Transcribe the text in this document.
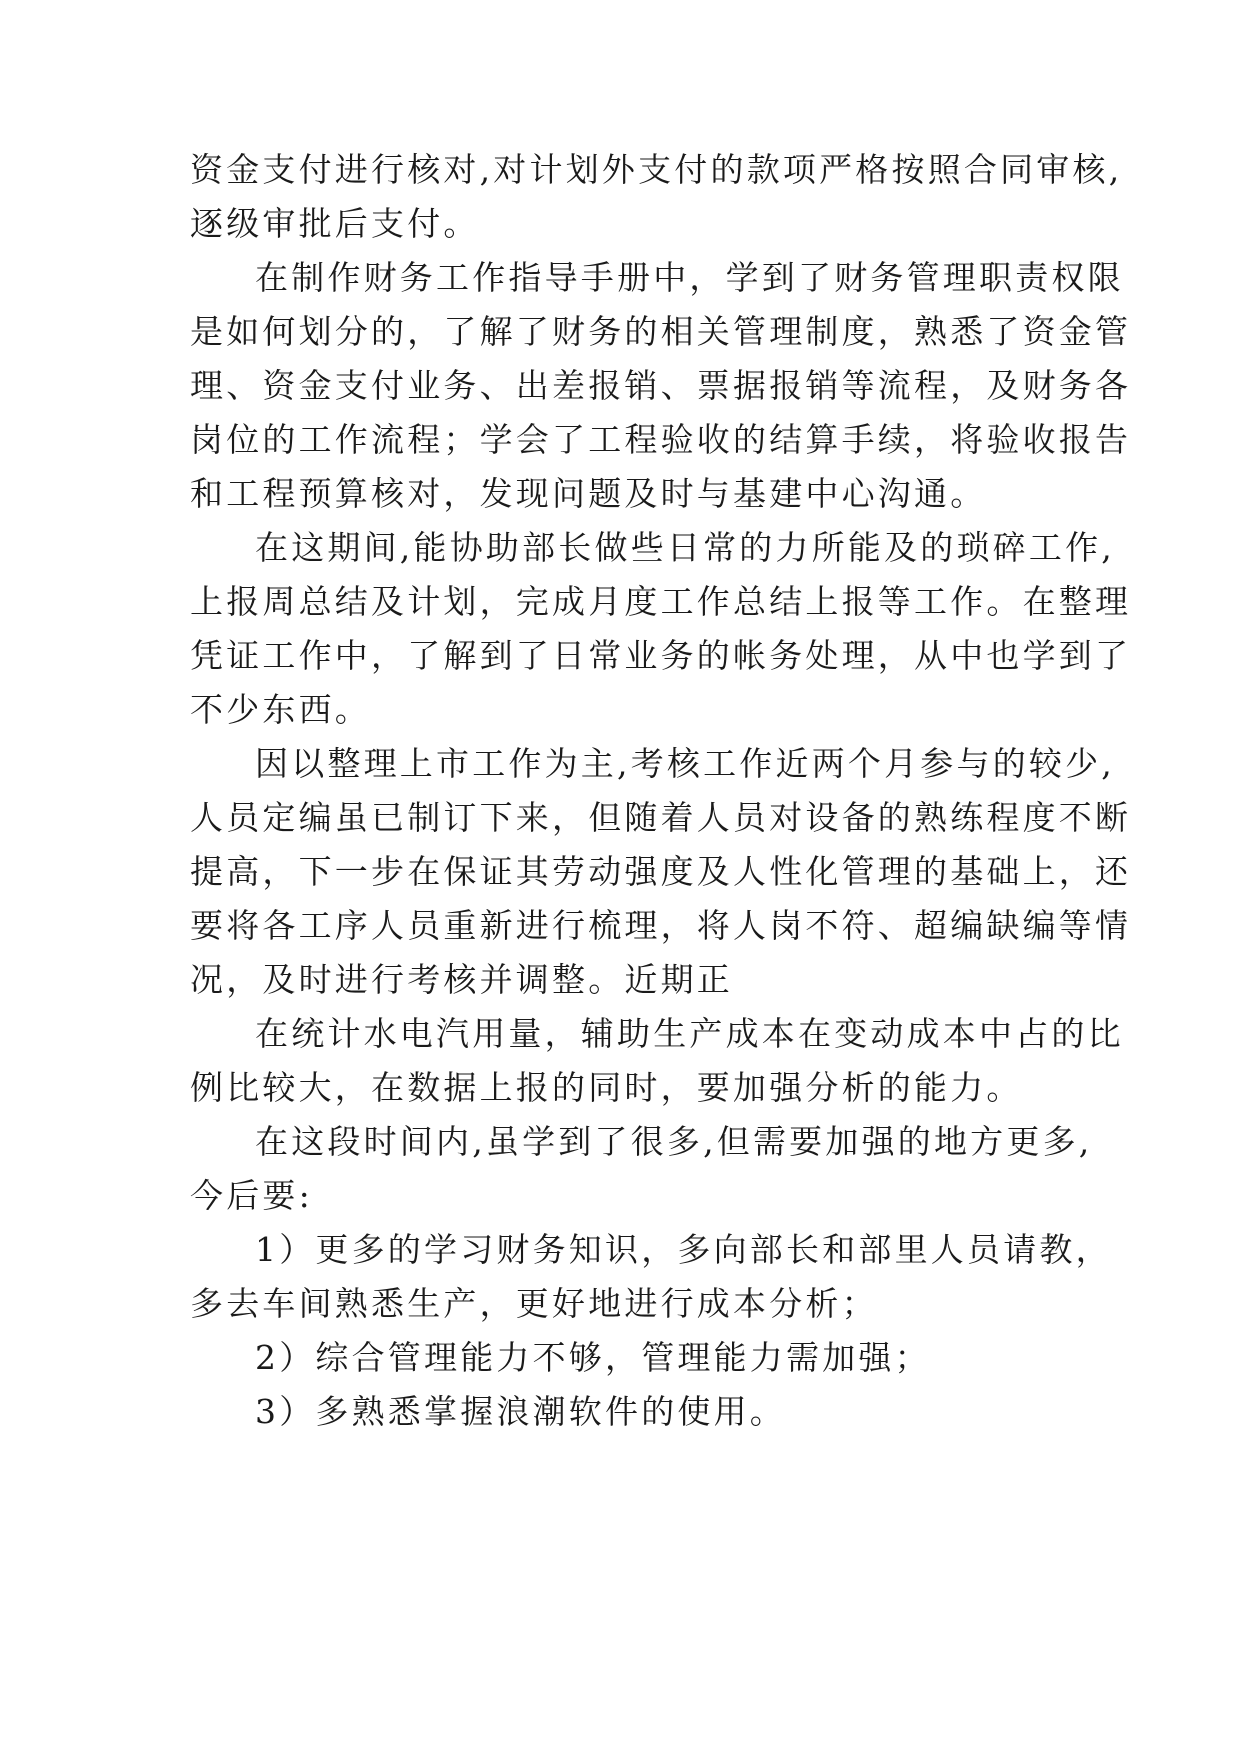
资金支付进行核对,对计划外支付的款项严格按照合同审核,
逐级审批后支付。
在制作财务工作指导手册中，学到了财务管理职责权限
是如何划分的，了解了财务的相关管理制度，熟悉了资金管
理、资金支付业务、出差报销、票据报销等流程，及财务各
岗位的工作流程；学会了工程验收的结算手续，将验收报告
和工程预算核对，发现问题及时与基建中心沟通。
在这期间,能协助部长做些日常的力所能及的琐碎工作,
上报周总结及计划，完成月度工作总结上报等工作。在整理
凭证工作中，了解到了日常业务的帐务处理，从中也学到了
不少东西。
因以整理上市工作为主,考核工作近两个月参与的较少,
人员定编虽已制订下来，但随着人员对设备的熟练程度不断
提高，下一步在保证其劳动强度及人性化管理的基础上，还
要将各工序人员重新进行梳理，将人岗不符、超编缺编等情
况，及时进行考核并调整。近期正
在统计水电汽用量，辅助生产成本在变动成本中占的比
例比较大，在数据上报的同时，要加强分析的能力。
在这段时间内,虽学到了很多,但需要加强的地方更多,
今后要:
1）更多的学习财务知识，多向部长和部里人员请教，
多去车间熟悉生产，更好地进行成本分析；
2）综合管理能力不够，管理能力需加强；
3）多熟悉掌握浪潮软件的使用。
